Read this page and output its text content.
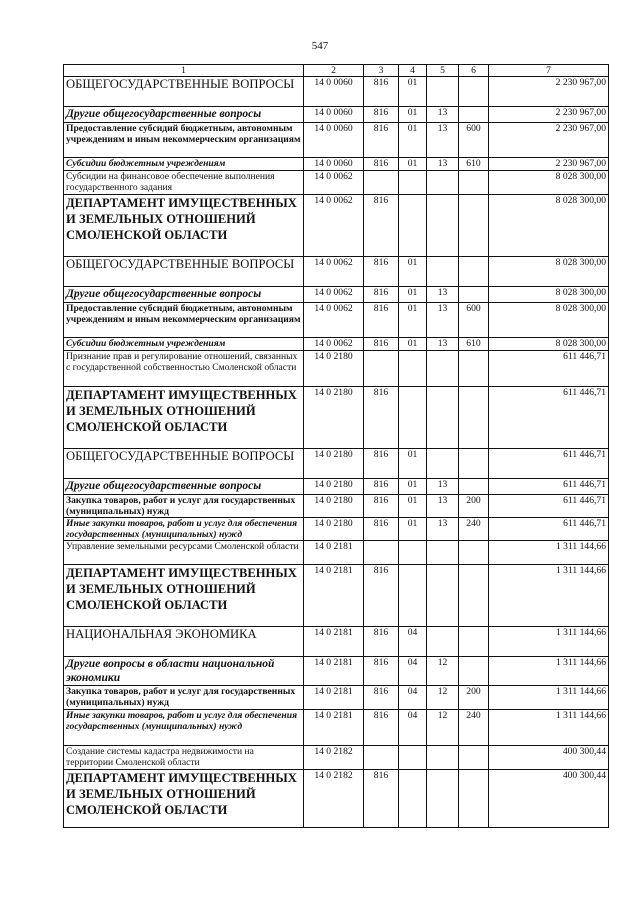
547
1	2	3	4	5	6	7
ОБЩЕГОСУДАРСТВЕННЫЕ ВОПРОСЫ	14 0 0060	816	01			2 230 967,00
Другие общегосударственные вопросы	14 0 0060	816	01	13		2 230 967,00
Предоставление субсидий бюджетным, автономным учреждениям и иным некоммерческим организациям	14 0 0060	816	01	13	600	2 230 967,00
Субсидии бюджетным учреждениям	14 0 0060	816	01	13	610	2 230 967,00
Субсидии на финансовое обеспечение выполнения государственного задания	14 0 0062					8 028 300,00
ДЕПАРТАМЕНТ ИМУЩЕСТВЕННЫХ И ЗЕМЕЛЬНЫХ ОТНОШЕНИЙ СМОЛЕНСКОЙ ОБЛАСТИ	14 0 0062	816				8 028 300,00
ОБЩЕГОСУДАРСТВЕННЫЕ ВОПРОСЫ	14 0 0062	816	01			8 028 300,00
Другие общегосударственные вопросы	14 0 0062	816	01	13		8 028 300,00
Предоставление субсидий бюджетным, автономным учреждениям и иным некоммерческим организациям	14 0 0062	816	01	13	600	8 028 300,00
Субсидии бюджетным учреждениям	14 0 0062	816	01	13	610	8 028 300,00
Признание прав и регулирование отношений, связанных с государственной собственностью Смоленской области	14 0 2180					611 446,71
ДЕПАРТАМЕНТ ИМУЩЕСТВЕННЫХ И ЗЕМЕЛЬНЫХ ОТНОШЕНИЙ СМОЛЕНСКОЙ ОБЛАСТИ	14 0 2180	816				611 446,71
ОБЩЕГОСУДАРСТВЕННЫЕ ВОПРОСЫ	14 0 2180	816	01			611 446,71
Другие общегосударственные вопросы	14 0 2180	816	01	13		611 446,71
Закупка товаров, работ и услуг для государственных (муниципальных) нужд	14 0 2180	816	01	13	200	611 446,71
Иные закупки товаров, работ и услуг для обеспечения государственных (муниципальных) нужд	14 0 2180	816	01	13	240	611 446,71
Управление земельными ресурсами Смоленской области	14 0 2181					1 311 144,66
ДЕПАРТАМЕНТ ИМУЩЕСТВЕННЫХ И ЗЕМЕЛЬНЫХ ОТНОШЕНИЙ СМОЛЕНСКОЙ ОБЛАСТИ	14 0 2181	816				1 311 144,66
НАЦИОНАЛЬНАЯ ЭКОНОМИКА	14 0 2181	816	04			1 311 144,66
Другие вопросы в области национальной экономики	14 0 2181	816	04	12		1 311 144,66
Закупка товаров, работ и услуг для государственных (муниципальных) нужд	14 0 2181	816	04	12	200	1 311 144,66
Иные закупки товаров, работ и услуг для обеспечения государственных (муниципальных) нужд	14 0 2181	816	04	12	240	1 311 144,66
Создание системы кадастра недвижимости на территории Смоленской области	14 0 2182					400 300,44
ДЕПАРТАМЕНТ ИМУЩЕСТВЕННЫХ И ЗЕМЕЛЬНЫХ ОТНОШЕНИЙ СМОЛЕНСКОЙ ОБЛАСТИ	14 0 2182	816				400 300,44
